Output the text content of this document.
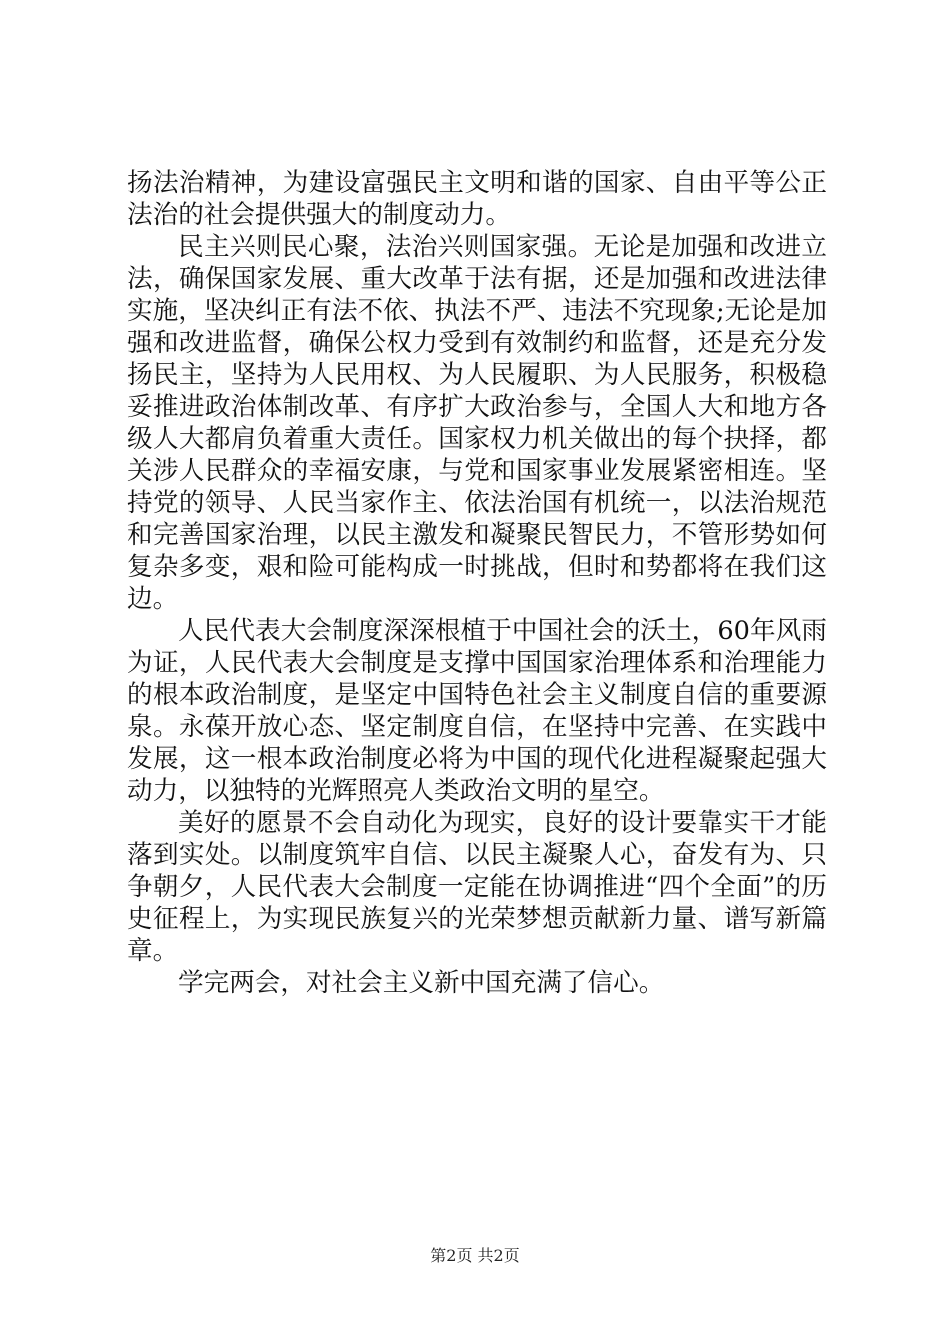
扬法治精神，为建设富强民主文明和谐的国家、自由平等公正法治的社会提供强大的制度动力。

民主兴则民心聚，法治兴则国家强。无论是加强和改进立法，确保国家发展、重大改革于法有据，还是加强和改进法律实施，坚决纠正有法不依、执法不严、违法不究现象;无论是加强和改进监督，确保公权力受到有效制约和监督，还是充分发扬民主，坚持为人民用权、为人民履职、为人民服务，积极稳妥推进政治体制改革、有序扩大政治参与，全国人大和地方各级人大都肩负着重大责任。国家权力机关做出的每个抉择，都关涉人民群众的幸福安康，与党和国家事业发展紧密相连。坚持党的领导、人民当家作主、依法治国有机统一，以法治规范和完善国家治理，以民主激发和凝聚民智民力，不管形势如何复杂多变，艰和险可能构成一时挑战，但时和势都将在我们这边。

人民代表大会制度深深根植于中国社会的沃土，60年风雨为证，人民代表大会制度是支撑中国国家治理体系和治理能力的根本政治制度，是坚定中国特色社会主义制度自信的重要源泉。永葆开放心态、坚定制度自信，在坚持中完善、在实践中发展，这一根本政治制度必将为中国的现代化进程凝聚起强大动力，以独特的光辉照亮人类政治文明的星空。

美好的愿景不会自动化为现实，良好的设计要靠实干才能落到实处。以制度筑牢自信、以民主凝聚人心，奋发有为、只争朝夕，人民代表大会制度一定能在协调推进“四个全面”的历史征程上，为实现民族复兴的光荣梦想贡献新力量、谱写新篇章。

学完两会，对社会主义新中国充满了信心。

第2页 共2页
